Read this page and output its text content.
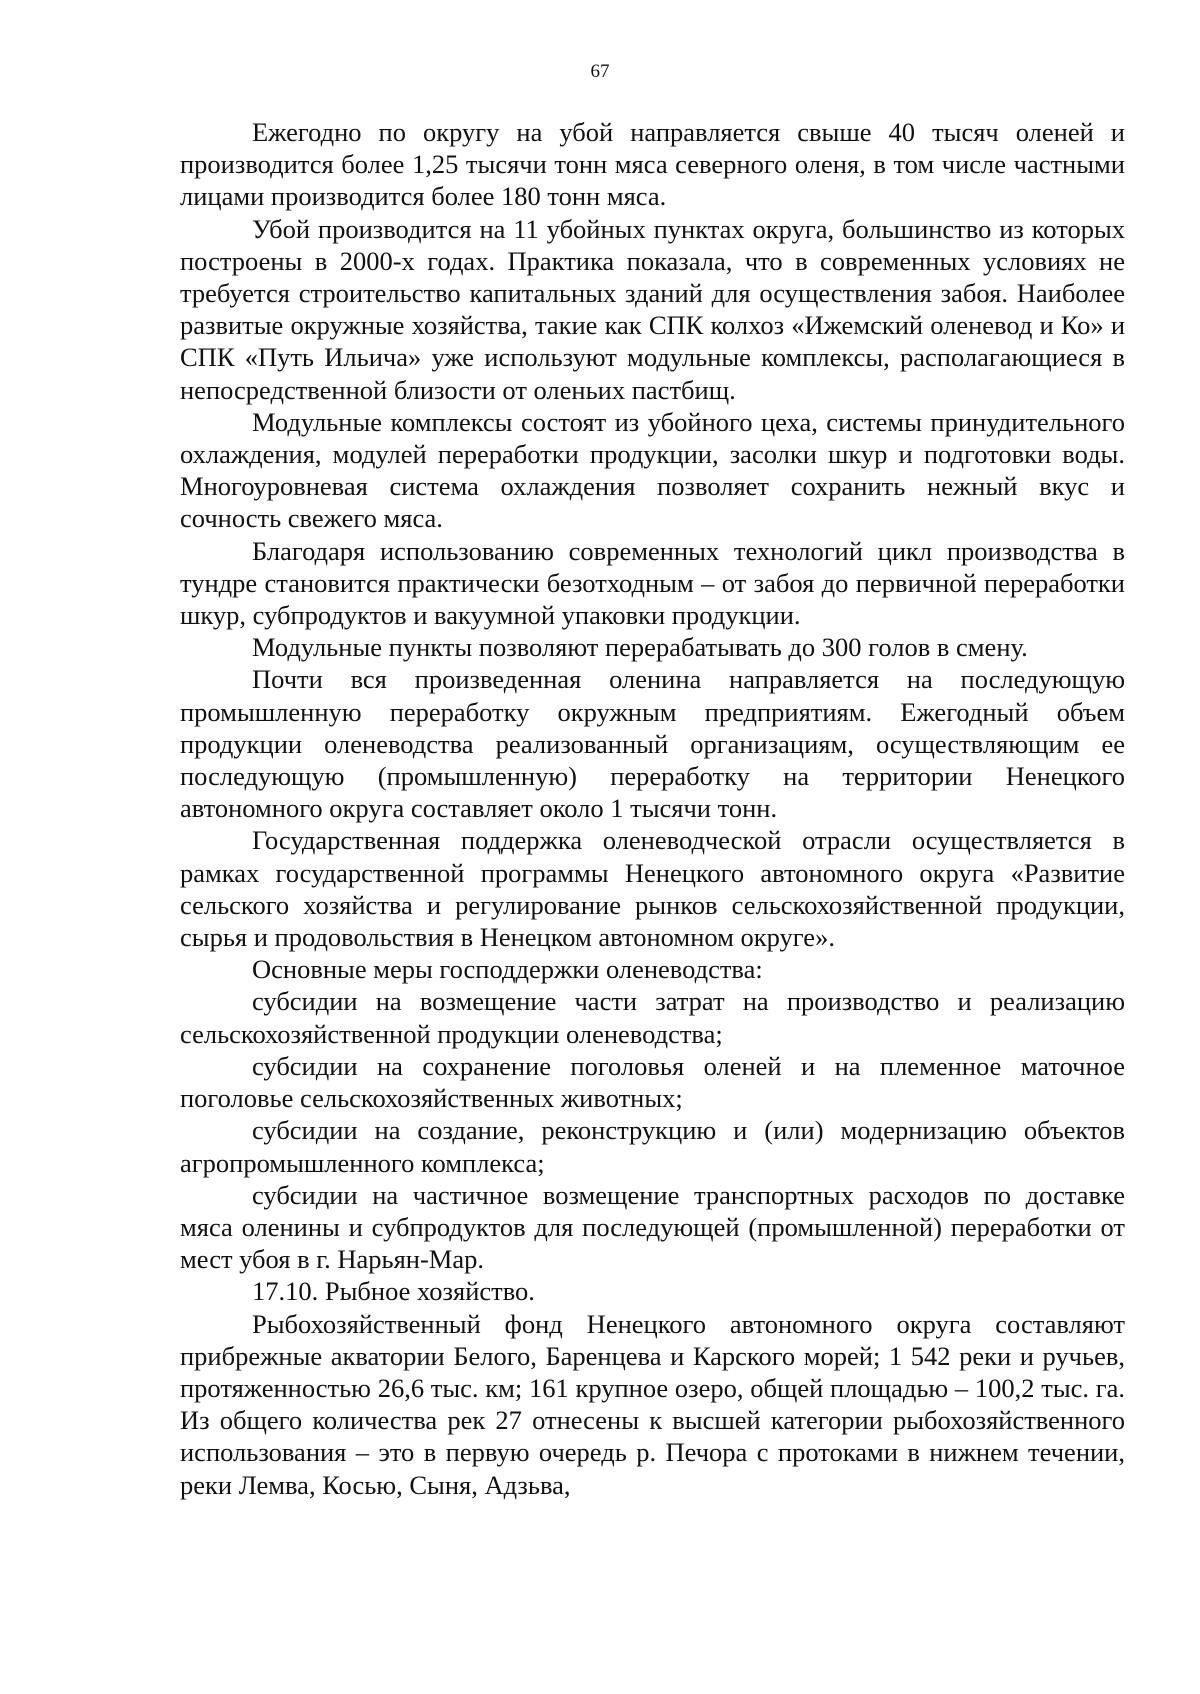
67

Ежегодно по округу на убой направляется свыше 40 тысяч оленей и производится более 1,25 тысячи тонн мяса северного оленя, в том числе частными лицами производится более 180 тонн мяса.

Убой производится на 11 убойных пунктах округа, большинство из которых построены в 2000-х годах. Практика показала, что в современных условиях не требуется строительство капитальных зданий для осуществления забоя. Наиболее развитые окружные хозяйства, такие как СПК колхоз «Ижемский оленевод и Ко» и СПК «Путь Ильича» уже используют модульные комплексы, располагающиеся в непосредственной близости от оленьих пастбищ.

Модульные комплексы состоят из убойного цеха, системы принудительного охлаждения, модулей переработки продукции, засолки шкур и подготовки воды. Многоуровневая система охлаждения позволяет сохранить нежный вкус и сочность свежего мяса.

Благодаря использованию современных технологий цикл производства в тундре становится практически безотходным – от забоя до первичной переработки шкур, субпродуктов и вакуумной упаковки продукции.

Модульные пункты позволяют перерабатывать до 300 голов в смену.

Почти вся произведенная оленина направляется на последующую промышленную переработку окружным предприятиям. Ежегодный объем продукции оленеводства реализованный организациям, осуществляющим ее последующую (промышленную) переработку на территории Ненецкого автономного округа составляет около 1 тысячи тонн.

Государственная поддержка оленеводческой отрасли осуществляется в рамках государственной программы Ненецкого автономного округа «Развитие сельского хозяйства и регулирование рынков сельскохозяйственной продукции, сырья и продовольствия в Ненецком автономном округе».

Основные меры господдержки оленеводства:

субсидии на возмещение части затрат на производство и реализацию сельскохозяйственной продукции оленеводства;

субсидии на сохранение поголовья оленей и на племенное маточное поголовье сельскохозяйственных животных;

субсидии на создание, реконструкцию и (или) модернизацию объектов агропромышленного комплекса;

субсидии на частичное возмещение транспортных расходов по доставке мяса оленины и субпродуктов для последующей (промышленной) переработки от мест убоя в г. Нарьян-Мар.

17.10. Рыбное хозяйство.

Рыбохозяйственный фонд Ненецкого автономного округа составляют прибрежные акватории Белого, Баренцева и Карского морей; 1 542 реки и ручьев, протяженностью 26,6 тыс. км; 161 крупное озеро, общей площадью – 100,2 тыс. га. Из общего количества рек 27 отнесены к высшей категории рыбохозяйственного использования – это в первую очередь р. Печора с протоками в нижнем течении, реки Лемва, Косью, Сыня, Адзьва,
